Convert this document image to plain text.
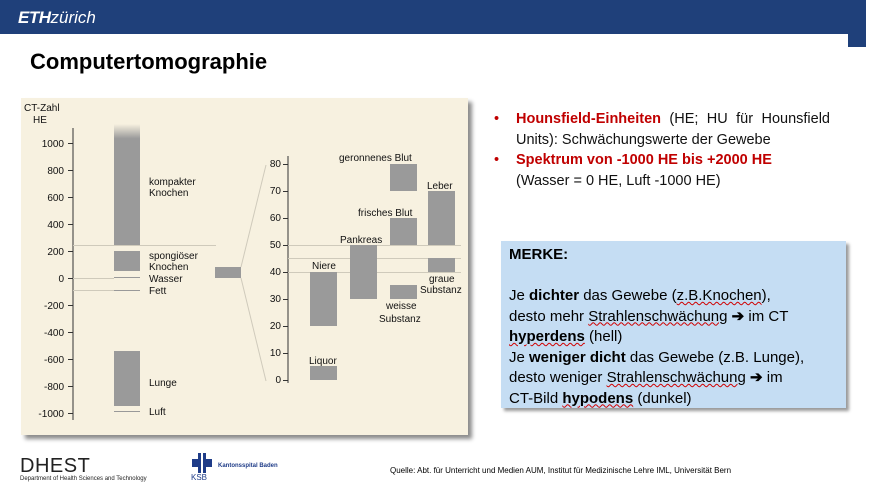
ETHzürich
Computertomographie
CT-Zahl
HE
1000
800
600
400
200
0
-200
-400
-600
-800
-1000
kompakter
Knochen
spongiöser
Knochen
Wasser
Fett
Lunge
Luft
80
70
60
50
40
30
20
10
0
geronnenes Blut
Leber
frisches Blut
Pankreas
Niere
graue
Substanz
weisse
Substanz
Liquor
• Hounsfield-Einheiten (HE; HU für Hounsfield Units): Schwächungswerte der Gewebe
• Spektrum von -1000 HE bis +2000 HE
(Wasser = 0 HE, Luft -1000 HE)
MERKE:
Je dichter das Gewebe (z.B.Knochen),
desto mehr Strahlenschwächung ➔ im CT
hyperdens (hell)
Je weniger dicht das Gewebe (z.B. Lunge),
desto weniger Strahlenschwächung ➔ im
CT-Bild hypodens (dunkel)
DHEST
Department of Health Sciences and Technology
Kantonsspital Baden
KSB
Quelle: Abt. für Unterricht und Medien AUM, Institut für Medizinische Lehre IML, Universität Bern
